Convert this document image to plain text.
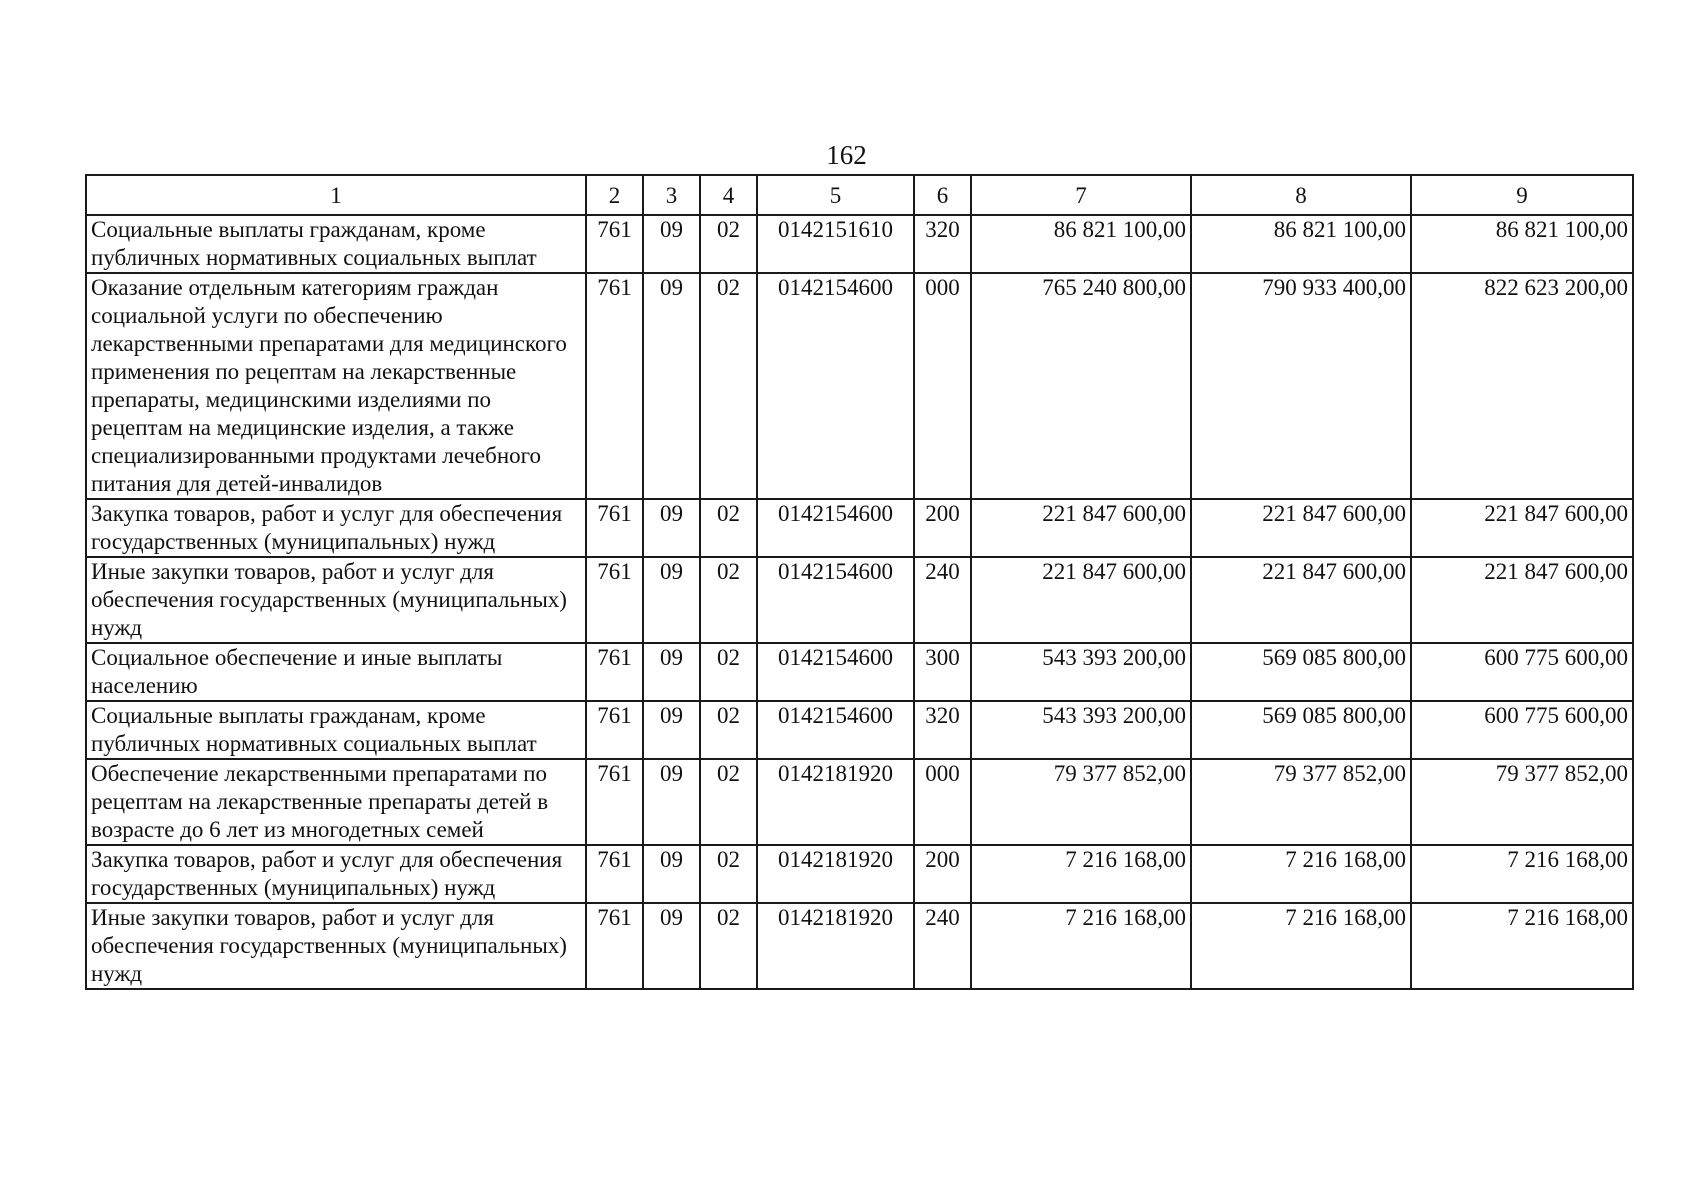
162
1	2	3	4	5	6	7	8	9
Социальные выплаты гражданам, кроме публичных нормативных социальных выплат	761	09	02	0142151610	320	86 821 100,00	86 821 100,00	86 821 100,00
Оказание отдельным категориям граждан социальной услуги по обеспечению лекарственными препаратами для медицинского применения по рецептам на лекарственные препараты, медицинскими изделиями по рецептам на медицинские изделия, а также специализированными продуктами лечебного питания для детей-инвалидов	761	09	02	0142154600	000	765 240 800,00	790 933 400,00	822 623 200,00
Закупка товаров, работ и услуг для обеспечения государственных (муниципальных) нужд	761	09	02	0142154600	200	221 847 600,00	221 847 600,00	221 847 600,00
Иные закупки товаров, работ и услуг для обеспечения государственных (муниципальных) нужд	761	09	02	0142154600	240	221 847 600,00	221 847 600,00	221 847 600,00
Социальное обеспечение и иные выплаты населению	761	09	02	0142154600	300	543 393 200,00	569 085 800,00	600 775 600,00
Социальные выплаты гражданам, кроме публичных нормативных социальных выплат	761	09	02	0142154600	320	543 393 200,00	569 085 800,00	600 775 600,00
Обеспечение лекарственными препаратами по рецептам на лекарственные препараты детей в возрасте до 6 лет из многодетных семей	761	09	02	0142181920	000	79 377 852,00	79 377 852,00	79 377 852,00
Закупка товаров, работ и услуг для обеспечения государственных (муниципальных) нужд	761	09	02	0142181920	200	7 216 168,00	7 216 168,00	7 216 168,00
Иные закупки товаров, работ и услуг для обеспечения государственных (муниципальных) нужд	761	09	02	0142181920	240	7 216 168,00	7 216 168,00	7 216 168,00
